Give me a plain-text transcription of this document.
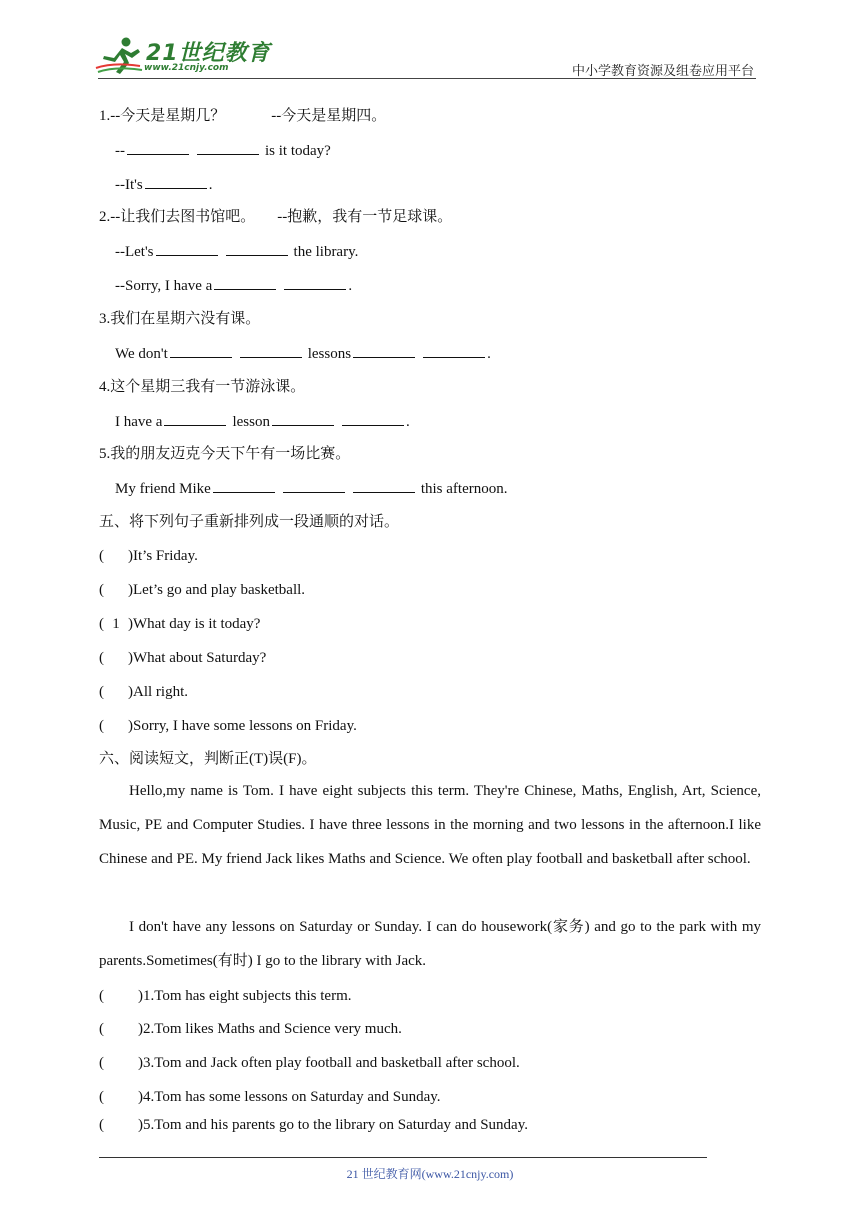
21世纪教育
www.21cnjy.com	中小学教育资源及组卷应用平台
1.--今天是星期几？	--今天是星期四。
--	is it today?
--It's	.
2.--让我们去图书馆吧。 --抱歉，我有一节足球课。
--Let's	the library.
--Sorry, I have a	.
3.我们在星期六没有课。
We don't	lessons	.
4.这个星期三我有一节游泳课。
I have a	lesson	.
5.我的朋友迈克今天下午有一场比赛。
My friend Mike	this afternoon.
五、将下列句子重新排列成一段通顺的对话。
( )It’s Friday.
( )Let’s go and play basketball.
( 1 )What day is it today?
( )What about Saturday?
( )All right.
( )Sorry, I have some lessons on Friday.
六、阅读短文，判断正(T)误(F)。
Hello,my name is Tom. I have eight subjects this term. They're Chinese, Maths, English, Art, Science, Music, PE and Computer Studies. I have three lessons in the morning and two lessons in the afternoon.I like Chinese and PE. My friend Jack likes Maths and Science. We often play football and basketball after school.
I don't have any lessons on Saturday or Sunday. I can do housework(家务) and go to the park with my parents.Sometimes(有时) I go to the library with Jack.
( )1.Tom has eight subjects this term.
( )2.Tom likes Maths and Science very much.
( )3.Tom and Jack often play football and basketball after school.
( )4.Tom has some lessons on Saturday and Sunday.
( )5.Tom and his parents go to the library on Saturday and Sunday.
21 世纪教育网(www.21cnjy.com)
